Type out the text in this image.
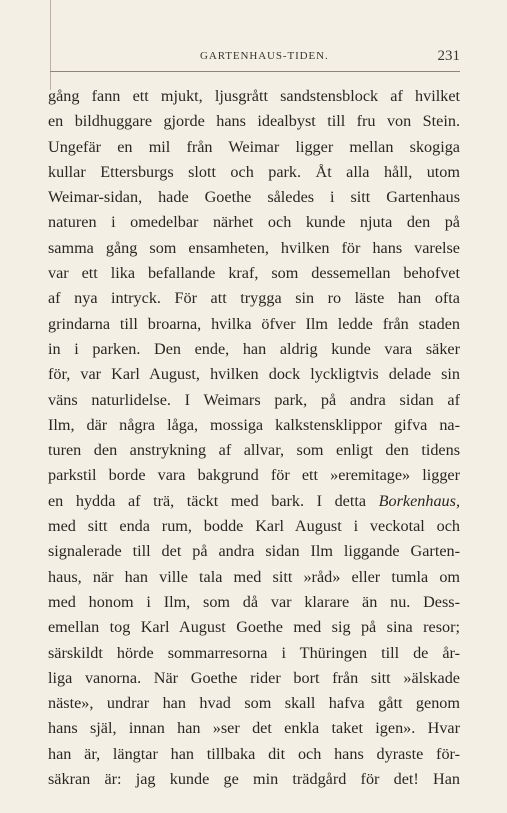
GARTENHAUS-TIDEN.	231
gång fann ett mjukt, ljusgrått sandstensblock af hvilket
en bildhuggare gjorde hans idealbyst till fru von Stein.
Ungefär en mil från Weimar ligger mellan skogiga
kullar Ettersburgs slott och park. Åt alla håll, utom
Weimar-sidan, hade Goethe således i sitt Gartenhaus
naturen i omedelbar närhet och kunde njuta den på
samma gång som ensamheten, hvilken för hans varelse
var ett lika befallande kraf, som dessemellan behofvet
af nya intryck. För att trygga sin ro läste han ofta
grindarna till broarna, hvilka öfver Ilm ledde från staden
in i parken. Den ende, han aldrig kunde vara säker
för, var Karl August, hvilken dock lyckligtvis delade sin
väns naturlidelse. I Weimars park, på andra sidan af
Ilm, där några låga, mossiga kalkstensklippor gifva na-
turen den anstrykning af allvar, som enligt den tidens
parkstil borde vara bakgrund för ett »eremitage» ligger
en hydda af trä, täckt med bark. I detta Borkenhaus,
med sitt enda rum, bodde Karl August i veckotal och
signalerade till det på andra sidan Ilm liggande Garten-
haus, när han ville tala med sitt »råd» eller tumla om
med honom i Ilm, som då var klarare än nu. Dess-
emellan tog Karl August Goethe med sig på sina resor;
särskildt hörde sommarresorna i Thüringen till de år-
liga vanorna. När Goethe rider bort från sitt »älskade
näste», undrar han hvad som skall hafva gått genom
hans själ, innan han »ser det enkla taket igen». Hvar
han är, längtar han tillbaka dit och hans dyraste för-
säkran är: jag kunde ge min trädgård för det! Han
